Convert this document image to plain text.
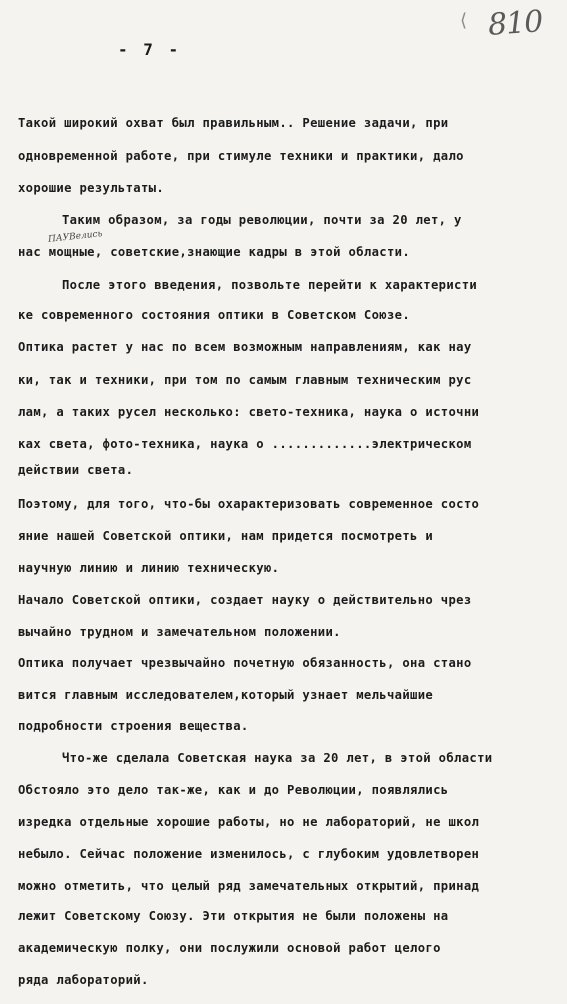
⟨ 810
- 7 -
ПАУВелись
Такой широкий охват был правильным.. Решение задачи, при
одновременной работе, при стимуле техники и практики, дало
хорошие результаты.
Таким образом, за годы революции, почти за 20 лет, у
нас мощные, советские,знающие кадры в этой области.
После этого введения, позвольте перейти к характеристи
ке современного состояния оптики в Советском Союзе.
Оптика растет у нас по всем возможным направлениям, как нау
ки, так и техники, при том по самым главным техническим рус
лам, а таких русел несколько: свето-техника, наука о источни
ках света, фото-техника, наука о .............электрическом
действии света.
Поэтому, для того, что-бы охарактеризовать современное состо
яние нашей Советской оптики, нам придется посмотреть и
научную линию и линию техническую.
Начало Советской оптики, создает науку о действительно чрез
вычайно трудном и замечательном положении.
Оптика получает чрезвычайно почетную обязанность, она стано
вится главным исследователем,который узнает мельчайшие
подробности строения вещества.
Что-же сделала Советская наука за 20 лет, в этой области
Обстояло это дело так-же, как и до Революции, появлялись
изредка отдельные хорошие работы, но не лабораторий, не школ
небыло. Сейчас положение изменилось, с глубоким удовлетворен
можно отметить, что целый ряд замечательных открытий, принад
лежит Советскому Союзу. Эти открытия не были положены на
академическую полку, они послужили основой работ целого
ряда лабораторий.
